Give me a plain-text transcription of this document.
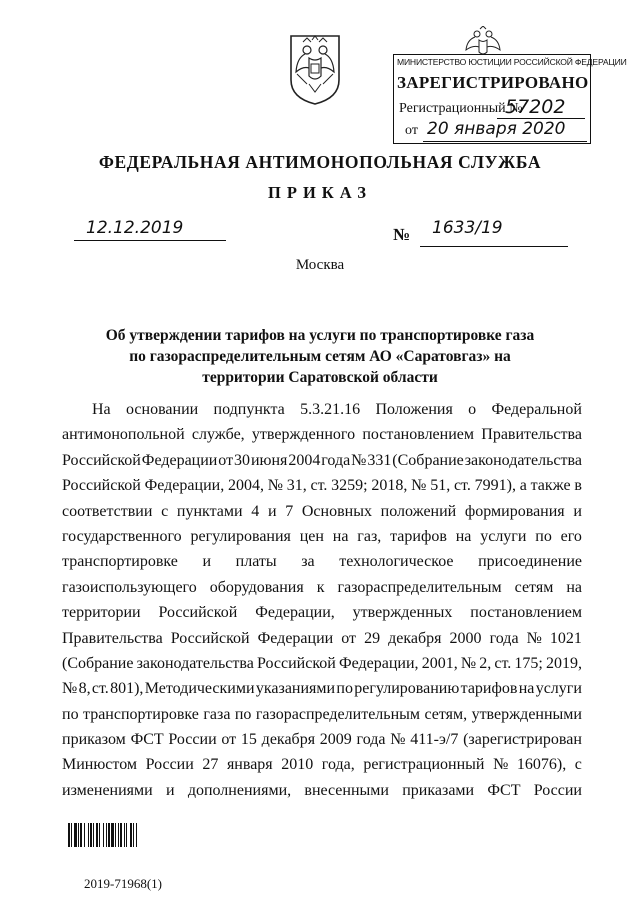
МИНИСТЕРСТВО ЮСТИЦИИ РОССИЙСКОЙ ФЕДЕРАЦИИ
ЗАРЕГИСТРИРОВАНО
Регистрационный №
57202
от 20 января 2020
ФЕДЕРАЛЬНАЯ АНТИМОНОПОЛЬНАЯ СЛУЖБА
ПРИКАЗ
12.12.2019	№ 1633/19
Москва
Об утверждении тарифов на услуги по транспортировке газа по газораспределительным сетям АО «Саратовгаз» на территории Саратовской области
На основании подпункта 5.3.21.16 Положения о Федеральной
антимонопольной службе, утвержденного постановлением Правительства
Российской Федерации от 30 июня 2004 года № 331 (Собрание законодательства
Российской Федерации, 2004, № 31, ст. 3259; 2018, № 51, ст. 7991), а также в
соответствии с пунктами 4 и 7 Основных положений формирования и
государственного регулирования цен на газ, тарифов на услуги по его
транспортировке и платы за технологическое присоединение
газоиспользующего оборудования к газораспределительным сетям на
территории Российской Федерации, утвержденных постановлением
Правительства Российской Федерации от 29 декабря 2000 года № 1021
(Собрание законодательства Российской Федерации, 2001, № 2, ст. 175; 2019,
№ 8, ст. 801), Методическими указаниями по регулированию тарифов на услуги
по транспортировке газа по газораспределительным сетям, утвержденными
приказом ФСТ России от 15 декабря 2009 года № 411-э/7 (зарегистрирован
Минюстом России 27 января 2010 года, регистрационный № 16076), с
изменениями и дополнениями, внесенными приказами ФСТ России
2019-71968(1)
